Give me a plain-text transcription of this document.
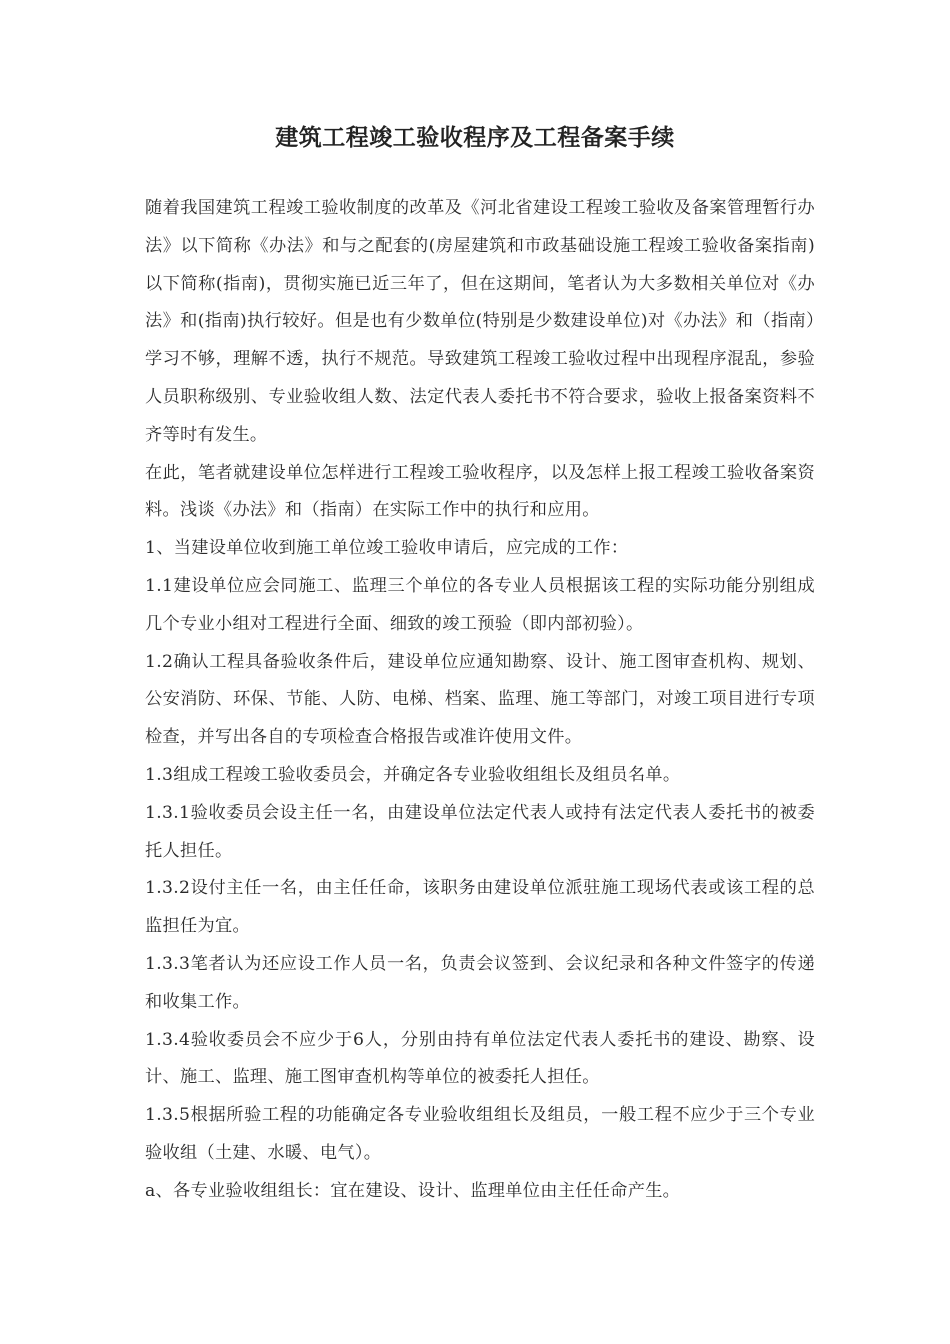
建筑工程竣工验收程序及工程备案手续

随着我国建筑工程竣工验收制度的改革及《河北省建设工程竣工验收及备案管理暂行办法》以下简称《办法》和与之配套的(房屋建筑和市政基础设施工程竣工验收备案指南)以下简称(指南)，贯彻实施已近三年了，但在这期间，笔者认为大多数相关单位对《办法》和(指南)执行较好。但是也有少数单位(特别是少数建设单位)对《办法》和（指南）学习不够，理解不透，执行不规范。导致建筑工程竣工验收过程中出现程序混乱，参验人员职称级别、专业验收组人数、法定代表人委托书不符合要求，验收上报备案资料不齐等时有发生。

在此，笔者就建设单位怎样进行工程竣工验收程序，以及怎样上报工程竣工验收备案资料。浅谈《办法》和（指南）在实际工作中的执行和应用。

1、当建设单位收到施工单位竣工验收申请后，应完成的工作：

1.1建设单位应会同施工、监理三个单位的各专业人员根据该工程的实际功能分别组成几个专业小组对工程进行全面、细致的竣工预验（即内部初验）。

1.2确认工程具备验收条件后，建设单位应通知勘察、设计、施工图审查机构、规划、公安消防、环保、节能、人防、电梯、档案、监理、施工等部门，对竣工项目进行专项检查，并写出各自的专项检查合格报告或准许使用文件。

1.3组成工程竣工验收委员会，并确定各专业验收组组长及组员名单。

1.3.1验收委员会设主任一名，由建设单位法定代表人或持有法定代表人委托书的被委托人担任。

1.3.2设付主任一名，由主任任命，该职务由建设单位派驻施工现场代表或该工程的总监担任为宜。

1.3.3笔者认为还应设工作人员一名，负责会议签到、会议纪录和各种文件签字的传递和收集工作。

1.3.4验收委员会不应少于6人，分别由持有单位法定代表人委托书的建设、勘察、设计、施工、监理、施工图审查机构等单位的被委托人担任。

1.3.5根据所验工程的功能确定各专业验收组组长及组员，一般工程不应少于三个专业验收组（土建、水暖、电气）。

a、各专业验收组组长：宜在建设、设计、监理单位由主任任命产生。
